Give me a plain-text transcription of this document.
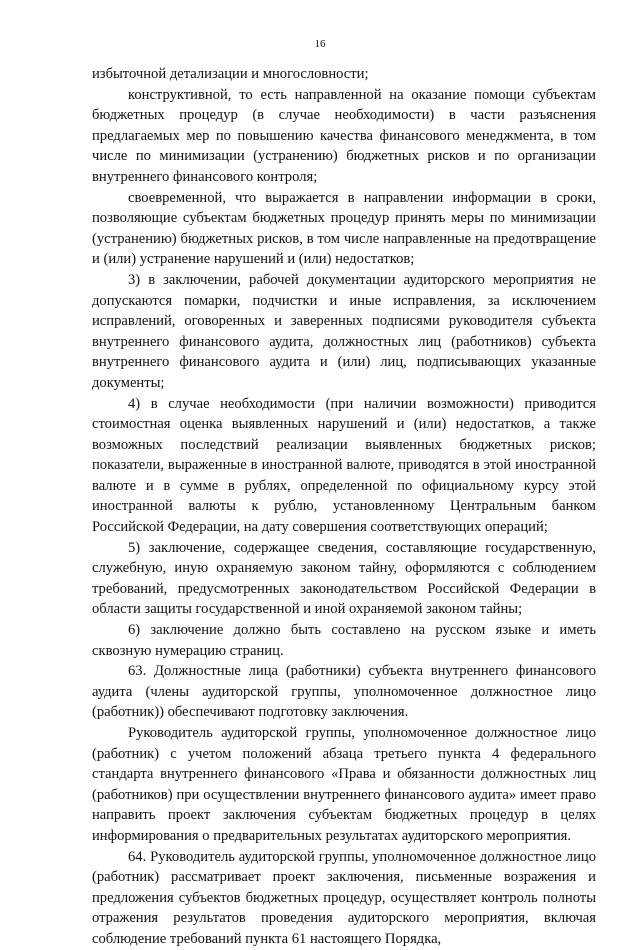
16

избыточной детализации и многословности;

конструктивной, то есть направленной на оказание помощи субъектам бюджетных процедур (в случае необходимости) в части разъяснения предлагаемых мер по повышению качества финансового менеджмента, в том числе по минимизации (устранению) бюджетных рисков и по организации внутреннего финансового контроля;

своевременной, что выражается в направлении информации в сроки, позволяющие субъектам бюджетных процедур принять меры по минимизации (устранению) бюджетных рисков, в том числе направленные на предотвращение и (или) устранение нарушений и (или) недостатков;

3) в заключении, рабочей документации аудиторского мероприятия не допускаются помарки, подчистки и иные исправления, за исключением исправлений, оговоренных и заверенных подписями руководителя субъекта внутреннего финансового аудита, должностных лиц (работников) субъекта внутреннего финансового аудита и (или) лиц, подписывающих указанные документы;

4) в случае необходимости (при наличии возможности) приводится стоимостная оценка выявленных нарушений и (или) недостатков, а также возможных последствий реализации выявленных бюджетных рисков; показатели, выраженные в иностранной валюте, приводятся в этой иностранной валюте и в сумме в рублях, определенной по официальному курсу этой иностранной валюты к рублю, установленному Центральным банком Российской Федерации, на дату совершения соответствующих операций;

5) заключение, содержащее сведения, составляющие государственную, служебную, иную охраняемую законом тайну, оформляются с соблюдением требований, предусмотренных законодательством Российской Федерации в области защиты государственной и иной охраняемой законом тайны;

6) заключение должно быть составлено на русском языке и иметь сквозную нумерацию страниц.

63. Должностные лица (работники) субъекта внутреннего финансового аудита (члены аудиторской группы, уполномоченное должностное лицо (работник)) обеспечивают подготовку заключения.

Руководитель аудиторской группы, уполномоченное должностное лицо (работник) с учетом положений абзаца третьего пункта 4 федерального стандарта внутреннего финансового «Права и обязанности должностных лиц (работников) при осуществлении внутреннего финансового аудита» имеет право направить проект заключения субъектам бюджетных процедур в целях информирования о предварительных результатах аудиторского мероприятия.

64. Руководитель аудиторской группы, уполномоченное должностное лицо (работник) рассматривает проект заключения, письменные возражения и предложения субъектов бюджетных процедур, осуществляет контроль полноты отражения результатов проведения аудиторского мероприятия, включая соблюдение требований пункта 61 настоящего Порядка,
